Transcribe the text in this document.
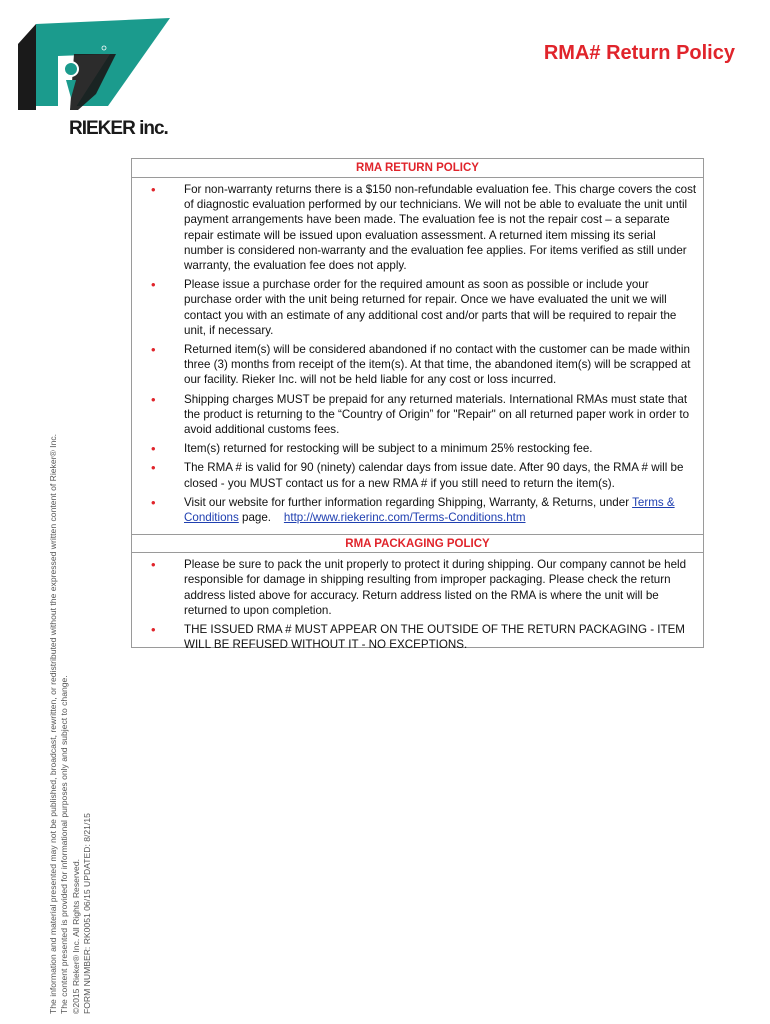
RIEKER inc.
RMA# Return Policy
The information and material presented may not be published, broadcast, rewritten, or redistributed without the expressed written content of Rieker® Inc. The content presented is provided for informational purposes only and subject to change. ©2015 Rieker® Inc. All Rights Reserved. FORM NUMBER: RK0051 06/15 UPDATED: 8/21/15
RMA RETURN POLICY
• For non-warranty returns there is a $150 non-refundable evaluation fee. This charge covers the cost of diagnostic evaluation performed by our technicians. We will not be able to evaluate the unit until payment arrangements have been made. The evaluation fee is not the repair cost – a separate repair estimate will be issued upon evaluation assessment. A returned item missing its serial number is considered non-warranty and the evaluation fee applies. For items verified as still under warranty, the evaluation fee does not apply.
• Please issue a purchase order for the required amount as soon as possible or include your purchase order with the unit being returned for repair. Once we have evaluated the unit we will contact you with an estimate of any additional cost and/or parts that will be required to repair the unit, if necessary.
• Returned item(s) will be considered abandoned if no contact with the customer can be made within three (3) months from receipt of the item(s). At that time, the abandoned item(s) will be scrapped at our facility. Rieker Inc. will not be held liable for any cost or loss incurred.
• Shipping charges MUST be prepaid for any returned materials. International RMAs must state that the product is returning to the “Country of Origin” for "Repair" on all returned paper work in order to avoid additional customs fees.
• Item(s) returned for restocking will be subject to a minimum 25% restocking fee.
• The RMA # is valid for 90 (ninety) calendar days from issue date. After 90 days, the RMA # will be closed - you MUST contact us for a new RMA # if you still need to return the item(s).
• Visit our website for further information regarding Shipping, Warranty, & Returns, under Terms & Conditions page.    http://www.riekerinc.com/Terms-Conditions.htm
RMA PACKAGING POLICY
• Please be sure to pack the unit properly to protect it during shipping. Our company cannot be held responsible for damage in shipping resulting from improper packaging. Please check the return address listed above for accuracy. Return address listed on the RMA is where the unit will be returned to upon completion.
• THE ISSUED RMA # MUST APPEAR ON THE OUTSIDE OF THE RETURN PACKAGING - ITEM WILL BE REFUSED WITHOUT IT - NO EXCEPTIONS.
